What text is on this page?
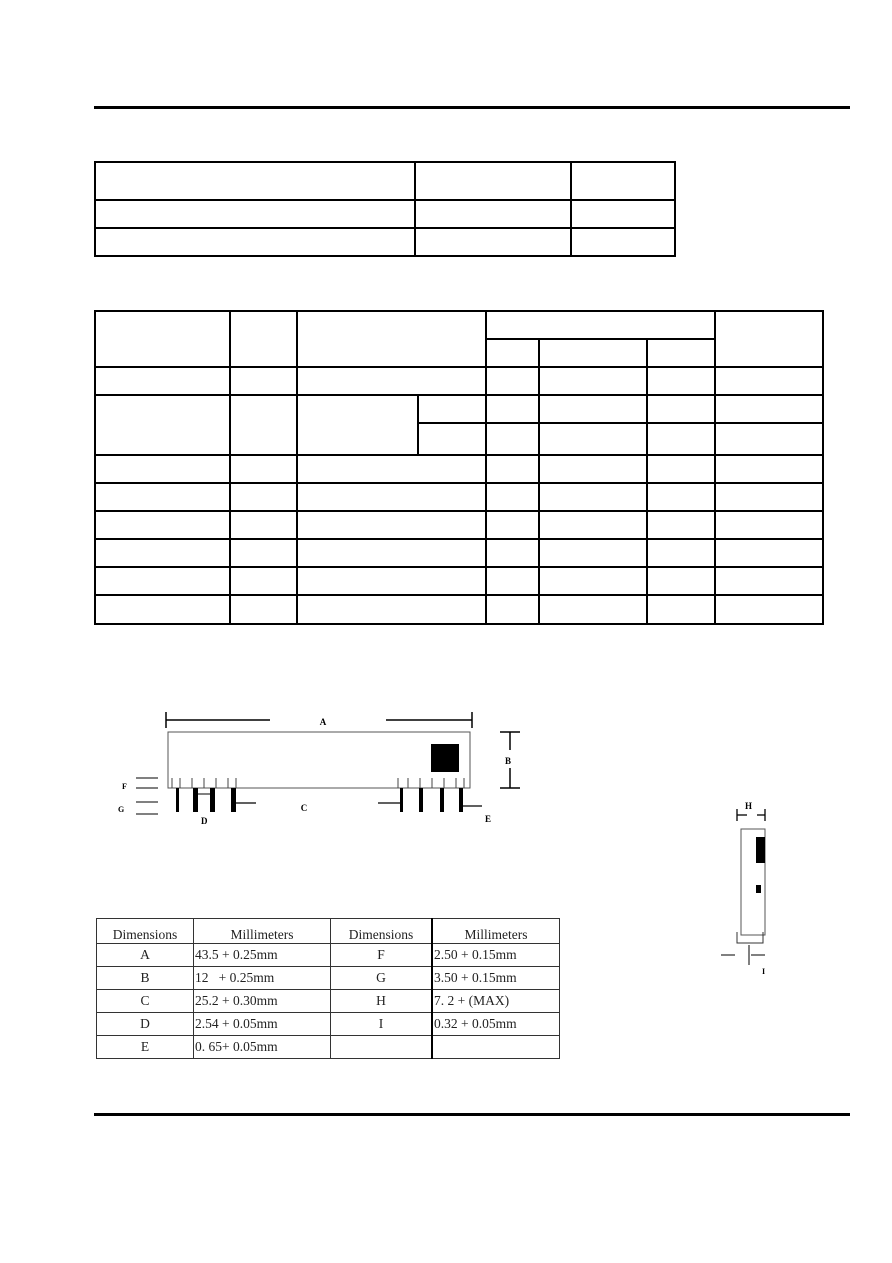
A
B
D
C
E
F
G	H
I
Dimensions	Millimeters	Dimensions	Millimeters
A	43.5 + 0.25mm	F	2.50 + 0.15mm
B	12   + 0.25mm	G	3.50 + 0.15mm
C	25.2 + 0.30mm	H	7. 2 + (MAX)
D	2.54 + 0.05mm	I	0.32 + 0.05mm
E	0. 65+ 0.05mm		
